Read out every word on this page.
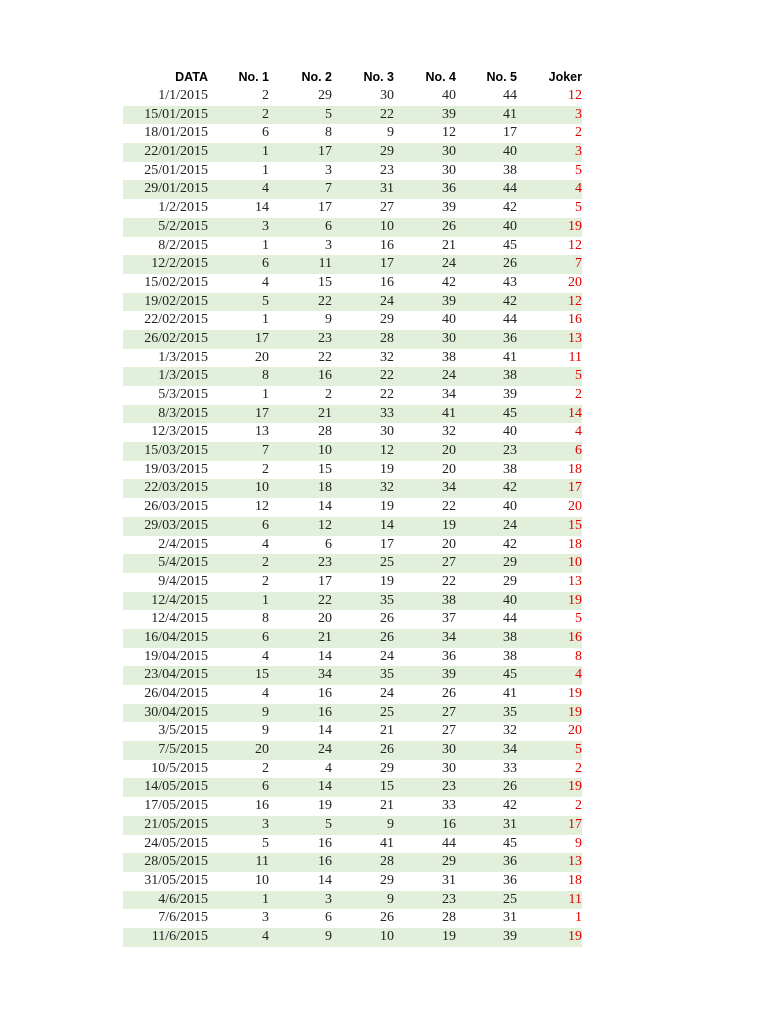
DATA	No. 1	No. 2	No. 3	No. 4	No. 5	Joker
1/1/2015	2	29	30	40	44	12
15/01/2015	2	5	22	39	41	3
18/01/2015	6	8	9	12	17	2
22/01/2015	1	17	29	30	40	3
25/01/2015	1	3	23	30	38	5
29/01/2015	4	7	31	36	44	4
1/2/2015	14	17	27	39	42	5
5/2/2015	3	6	10	26	40	19
8/2/2015	1	3	16	21	45	12
12/2/2015	6	11	17	24	26	7
15/02/2015	4	15	16	42	43	20
19/02/2015	5	22	24	39	42	12
22/02/2015	1	9	29	40	44	16
26/02/2015	17	23	28	30	36	13
1/3/2015	20	22	32	38	41	11
1/3/2015	8	16	22	24	38	5
5/3/2015	1	2	22	34	39	2
8/3/2015	17	21	33	41	45	14
12/3/2015	13	28	30	32	40	4
15/03/2015	7	10	12	20	23	6
19/03/2015	2	15	19	20	38	18
22/03/2015	10	18	32	34	42	17
26/03/2015	12	14	19	22	40	20
29/03/2015	6	12	14	19	24	15
2/4/2015	4	6	17	20	42	18
5/4/2015	2	23	25	27	29	10
9/4/2015	2	17	19	22	29	13
12/4/2015	1	22	35	38	40	19
12/4/2015	8	20	26	37	44	5
16/04/2015	6	21	26	34	38	16
19/04/2015	4	14	24	36	38	8
23/04/2015	15	34	35	39	45	4
26/04/2015	4	16	24	26	41	19
30/04/2015	9	16	25	27	35	19
3/5/2015	9	14	21	27	32	20
7/5/2015	20	24	26	30	34	5
10/5/2015	2	4	29	30	33	2
14/05/2015	6	14	15	23	26	19
17/05/2015	16	19	21	33	42	2
21/05/2015	3	5	9	16	31	17
24/05/2015	5	16	41	44	45	9
28/05/2015	11	16	28	29	36	13
31/05/2015	10	14	29	31	36	18
4/6/2015	1	3	9	23	25	11
7/6/2015	3	6	26	28	31	1
11/6/2015	4	9	10	19	39	19
